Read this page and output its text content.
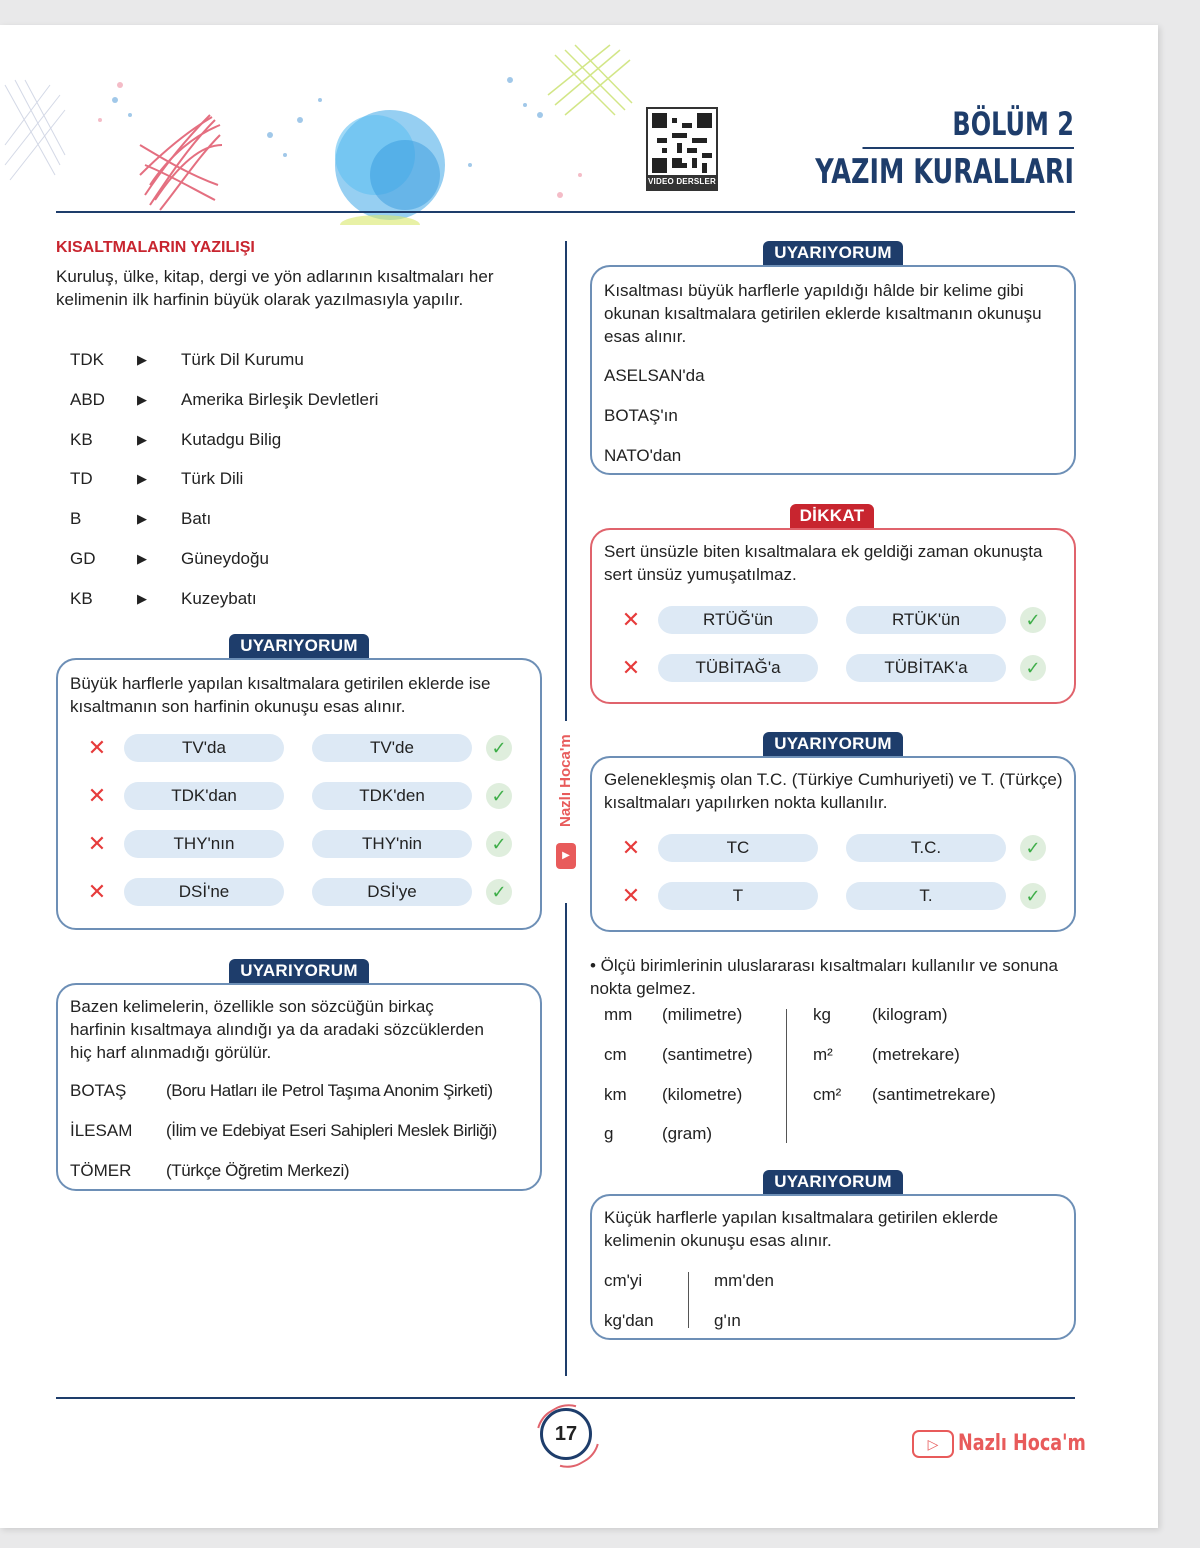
VIDEO DERSLER
BÖLÜM 2
YAZIM KURALLARI
Nazlı Hoca'm
▶
KISALTMALARIN YAZILIŞI
Kuruluş, ülke, kitap, dergi ve yön adlarının kısaltmaları her kelimenin ilk harfinin büyük olarak yazılmasıyla yapılır.
TDK	▶ Türk Dil Kurumu
ABD	▶ Amerika Birleşik Devletleri
KB	▶ Kutadgu Bilig
TD	▶ Türk Dili
B	▶ Batı
GD	▶ Güneydoğu
KB	▶ Kuzeybatı
UYARIYORUM
Büyük harflerle yapılan kısaltmalara getirilen eklerde ise kısaltmanın son harfinin okunuşu esas alınır.
✕	TV'da	TV'de	✓
✕	TDK'dan	TDK'den	✓
✕	THY'nın	THY'nin	✓
✕	DSİ'ne	DSİ'ye	✓
UYARIYORUM
Bazen kelimelerin, özellikle son sözcüğün birkaç harfinin kısaltmaya alındığı ya da aradaki sözcüklerden hiç harf alınmadığı görülür.
BOTAŞ (Boru Hatları ile Petrol Taşıma Anonim Şirketi)
İLESAM (İlim ve Edebiyat Eseri Sahipleri Meslek Birliği)
TÖMER (Türkçe Öğretim Merkezi)
UYARIYORUM
Kısaltması büyük harflerle yapıldığı hâlde bir kelime gibi okunan kısaltmalara getirilen eklerde kısaltmanın okunuşu esas alınır.
ASELSAN'da
BOTAŞ'ın
NATO'dan
DİKKAT
Sert ünsüzle biten kısaltmalara ek geldiği zaman okunuşta sert ünsüz yumuşatılmaz.
✕	RTÜĞ'ün	RTÜK'ün	✓
✕	TÜBİTAĞ'a	TÜBİTAK'a	✓
UYARIYORUM
Gelenekleşmiş olan T.C. (Türkiye Cumhuriyeti) ve T. (Türkçe) kısaltmaları yapılırken nokta kullanılır.
✕	TC	T.C.	✓
✕	T	T.	✓
• Ölçü birimlerinin uluslararası kısaltmaları kullanılır ve sonuna nokta gelmez.
mm (milimetre)
cm (santimetre)
km (kilometre)
g	(gram)
kg (kilogram)
m² (metrekare)
cm² (santimetrekare)
UYARIYORUM
Küçük harflerle yapılan kısaltmalara getirilen eklerde kelimenin okunuşu esas alınır.
cm'yi	mm'den
kg'dan	g'ın
17	▷ Nazlı Hoca'm
